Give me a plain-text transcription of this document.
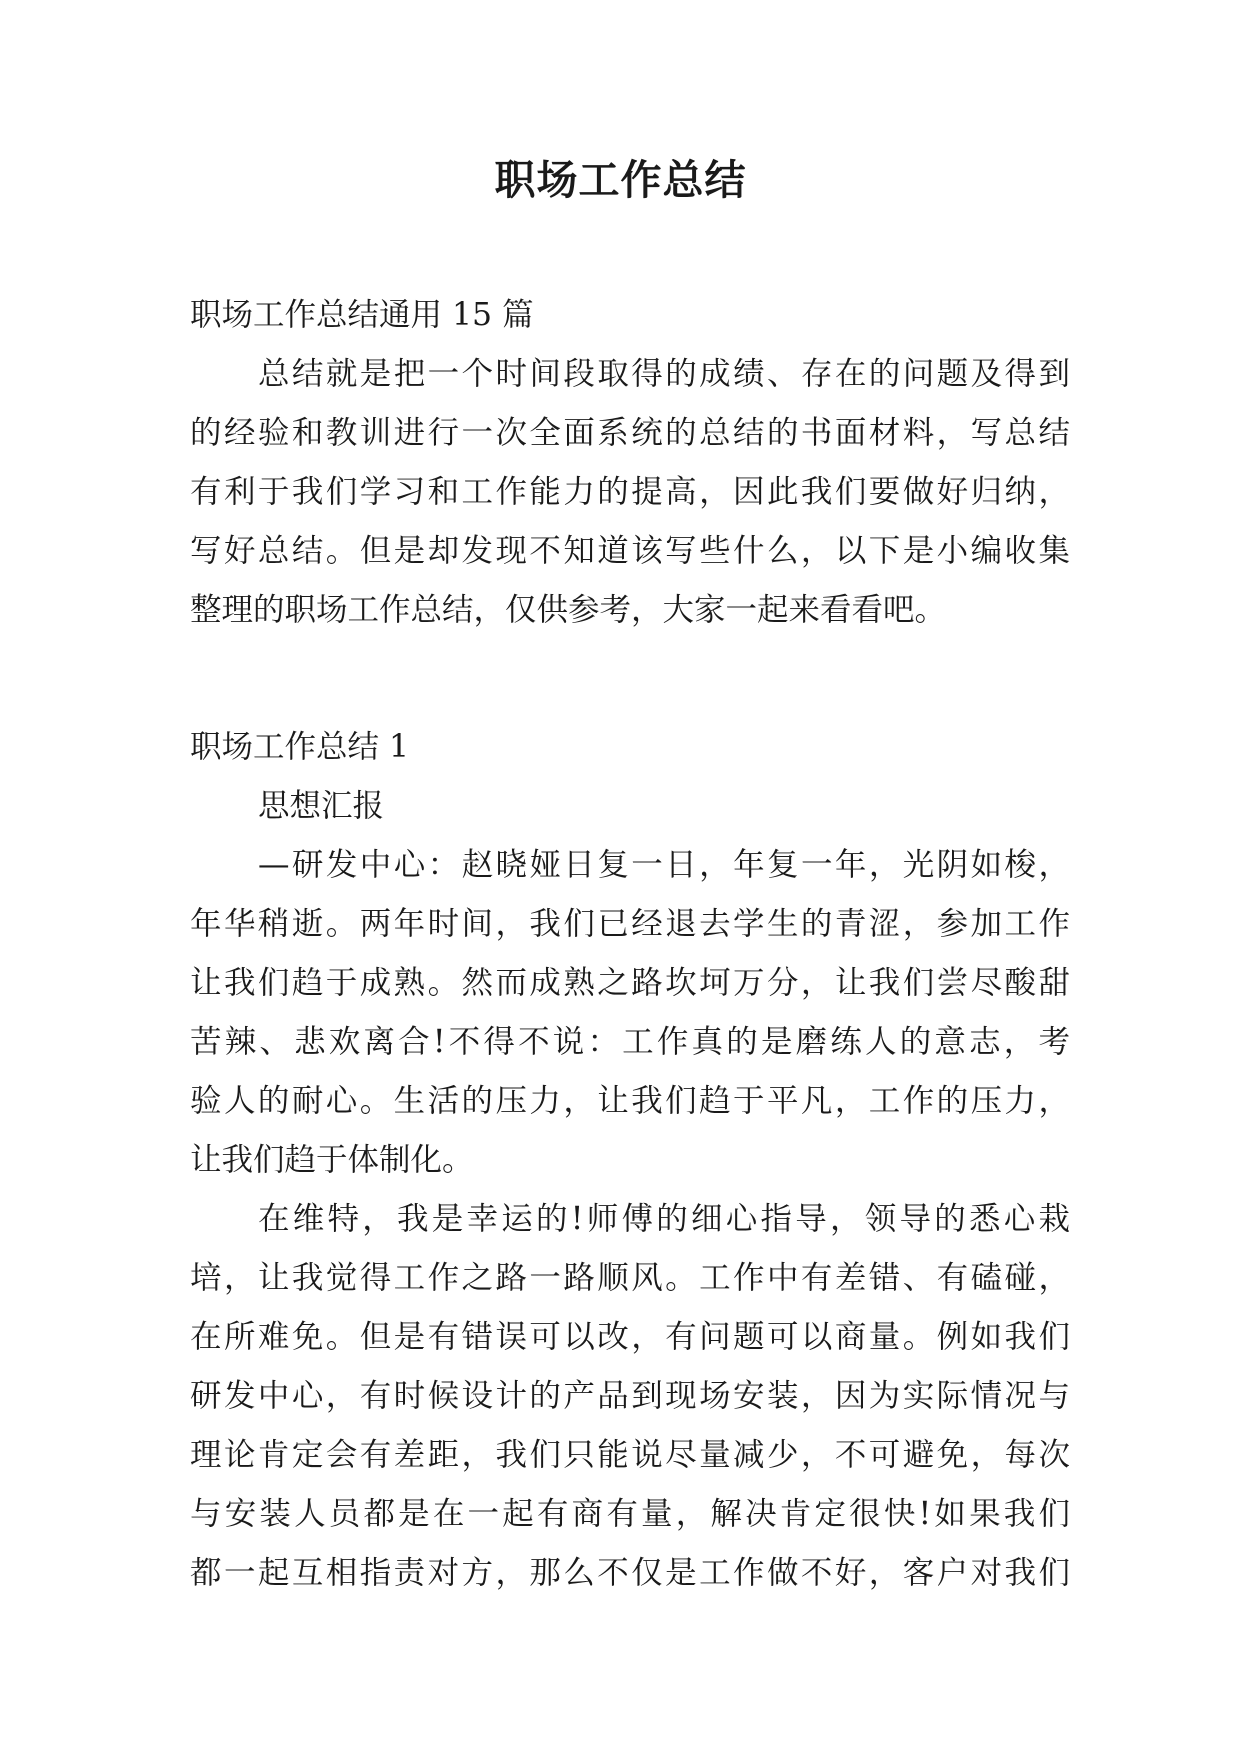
职场工作总结
职场工作总结通用 15 篇
总结就是把一个时间段取得的成绩、存在的问题及得到
的经验和教训进行一次全面系统的总结的书面材料，写总结
有利于我们学习和工作能力的提高，因此我们要做好归纳，
写好总结。但是却发现不知道该写些什么，以下是小编收集
整理的职场工作总结，仅供参考，大家一起来看看吧。
职场工作总结 1
思想汇报
—研发中心：赵晓娅日复一日，年复一年，光阴如梭，
年华稍逝。两年时间，我们已经退去学生的青涩，参加工作
让我们趋于成熟。然而成熟之路坎坷万分，让我们尝尽酸甜
苦辣、悲欢离合!不得不说：工作真的是磨练人的意志，考
验人的耐心。生活的压力，让我们趋于平凡，工作的压力，
让我们趋于体制化。
在维特，我是幸运的!师傅的细心指导，领导的悉心栽
培，让我觉得工作之路一路顺风。工作中有差错、有磕碰，
在所难免。但是有错误可以改，有问题可以商量。例如我们
研发中心，有时候设计的产品到现场安装，因为实际情况与
理论肯定会有差距，我们只能说尽量减少，不可避免，每次
与安装人员都是在一起有商有量，解决肯定很快!如果我们
都一起互相指责对方，那么不仅是工作做不好，客户对我们
